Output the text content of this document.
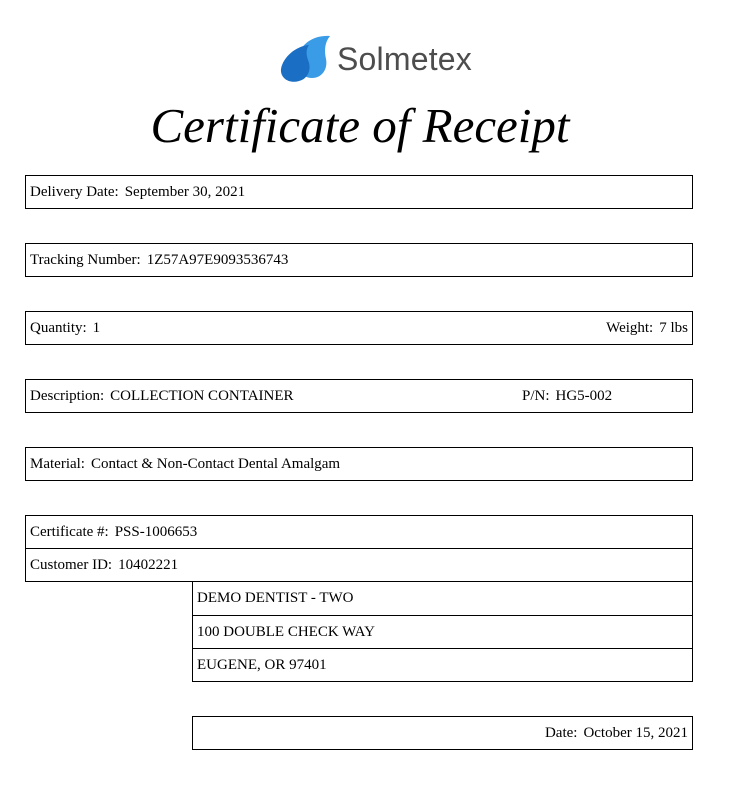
Solmetex
Certificate of Receipt
Delivery Date: September 30, 2021
Tracking Number: 1Z57A97E9093536743
Quantity: 1	Weight: 7 lbs
Description: COLLECTION CONTAINER	P/N: HG5-002
Material: Contact & Non-Contact Dental Amalgam
Certificate #: PSS-1006653
Customer ID: 10402221
DEMO DENTIST - TWO
100 DOUBLE CHECK WAY
EUGENE, OR 97401
Date: October 15, 2021
